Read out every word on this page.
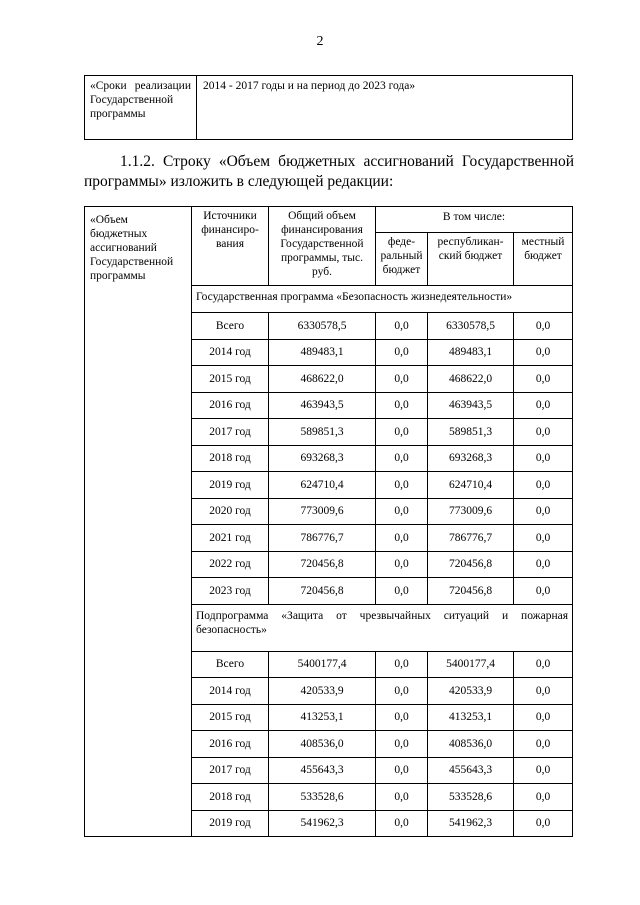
2
«Сроки реализации Государственной программы	2014 - 2017 годы и на период до 2023 года»
1.1.2. Строку «Объем бюджетных ассигнований Государственной программы» изложить в следующей редакции:
«Объем бюджетных ассигнований Государственной программы	Источники финансиро-вания	Общий объем финансирования Государственной программы, тыс. руб.	В том числе:		
			феде-ральный бюджет	республикан-ский бюджет	местный бюджет
	Государственная программа «Безопасность жизнедеятельности»				
	Всего	6330578,5	0,0	6330578,5	0,0
	2014 год	489483,1	0,0	489483,1	0,0
	2015 год	468622,0	0,0	468622,0	0,0
	2016 год	463943,5	0,0	463943,5	0,0
	2017 год	589851,3	0,0	589851,3	0,0
	2018 год	693268,3	0,0	693268,3	0,0
	2019 год	624710,4	0,0	624710,4	0,0
	2020 год	773009,6	0,0	773009,6	0,0
	2021 год	786776,7	0,0	786776,7	0,0
	2022 год	720456,8	0,0	720456,8	0,0
	2023 год	720456,8	0,0	720456,8	0,0
	Подпрограмма «Защита от чрезвычайных ситуаций и пожарная безопасность»				
	Всего	5400177,4	0,0	5400177,4	0,0
	2014 год	420533,9	0,0	420533,9	0,0
	2015 год	413253,1	0,0	413253,1	0,0
	2016 год	408536,0	0,0	408536,0	0,0
	2017 год	455643,3	0,0	455643,3	0,0
	2018 год	533528,6	0,0	533528,6	0,0
	2019 год	541962,3	0,0	541962,3	0,0
